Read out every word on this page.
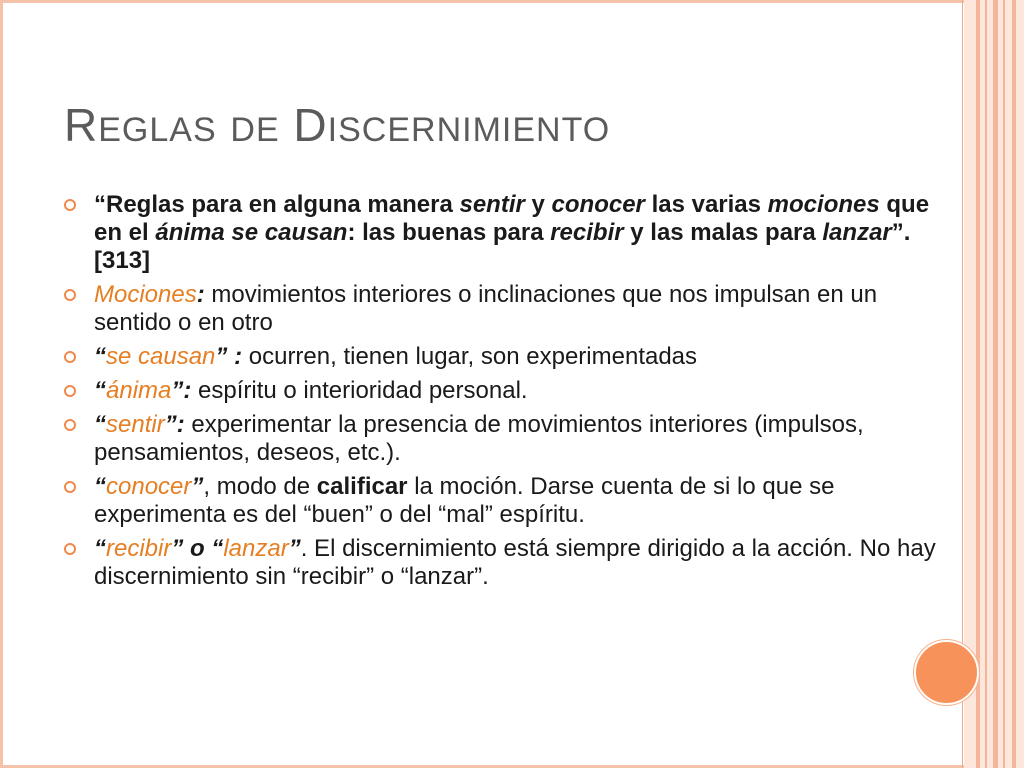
REGLAS DE DISCERNIMIENTO
“Reglas para en alguna manera sentir y conocer las varias mociones que en el ánima se causan: las buenas para recibir y las malas para lanzar”. [313]
Mociones: movimientos interiores o inclinaciones que nos impulsan en un sentido o en otro
“se causan” : ocurren, tienen lugar, son experimentadas
“ánima”: espíritu o interioridad personal.
“sentir”: experimentar la presencia de movimientos interiores (impulsos, pensamientos, deseos, etc.).
“conocer”, modo de calificar la moción. Darse cuenta de si lo que se experimenta es del “buen” o del “mal” espíritu.
“recibir” o “lanzar”. El discernimiento está siempre dirigido a la acción. No hay discernimiento sin “recibir” o “lanzar”.
